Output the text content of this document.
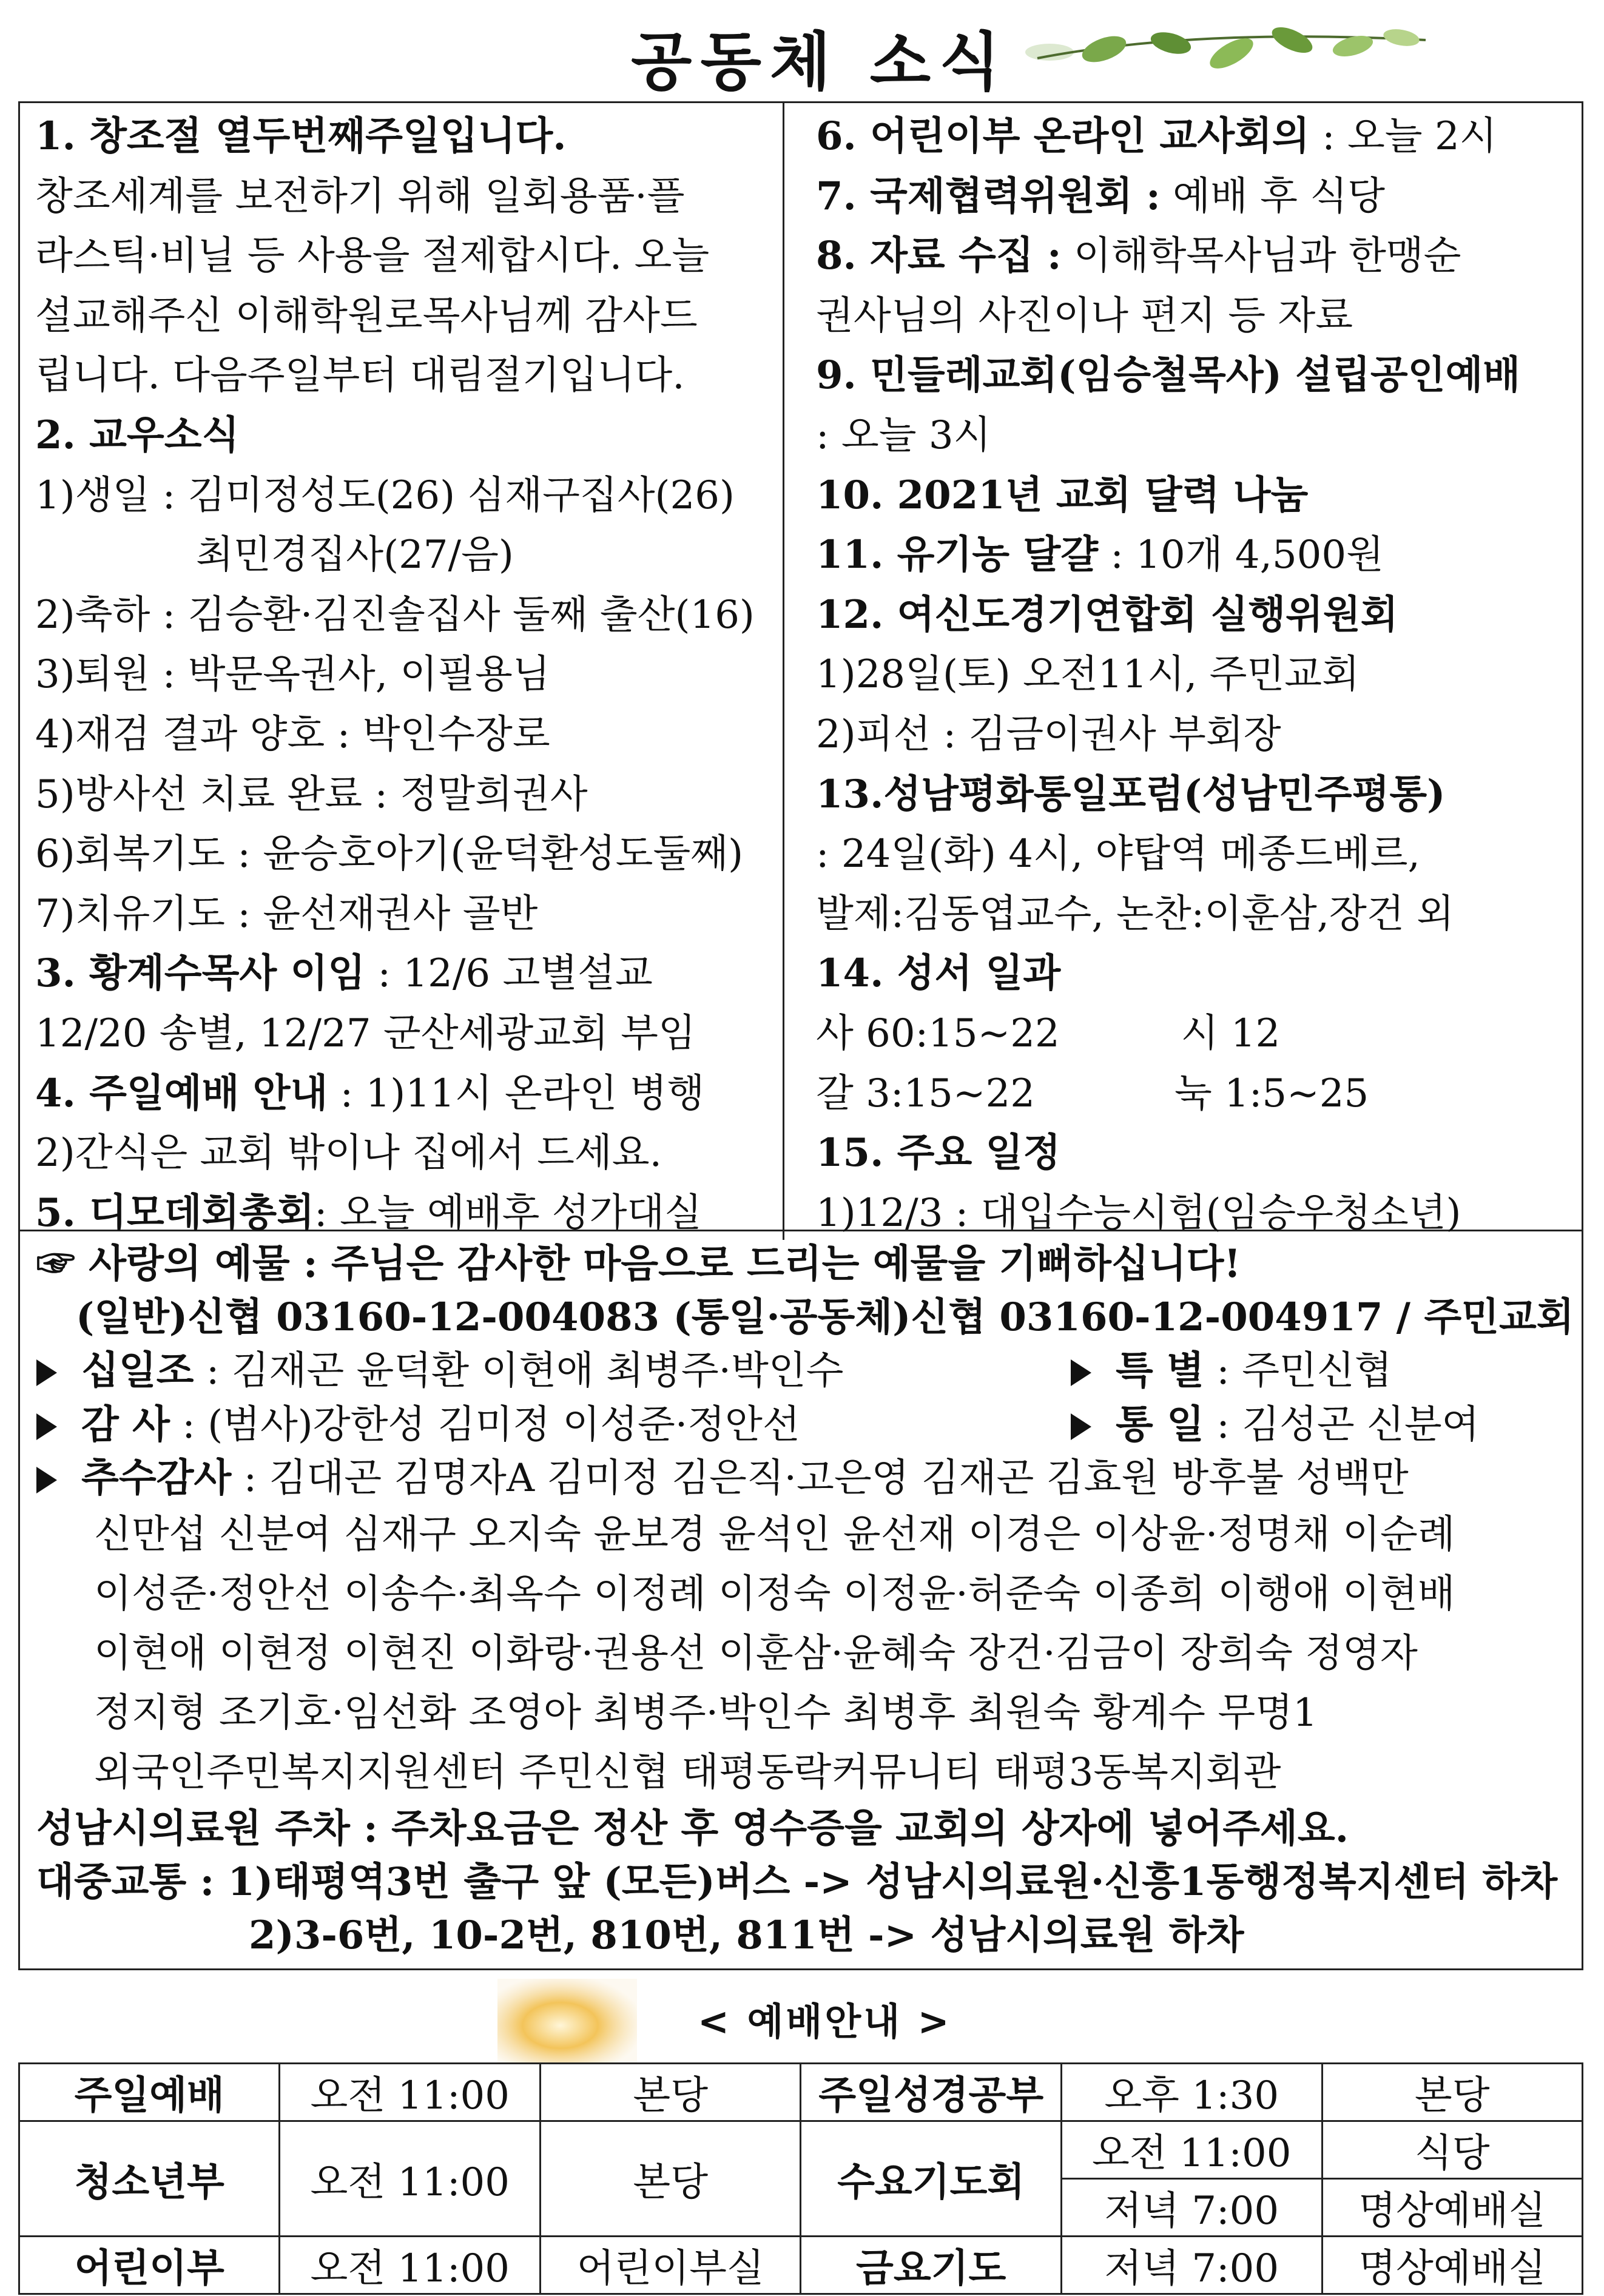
공동체 소식
1. 창조절 열두번째주일입니다.
창조세계를 보전하기 위해 일회용품·플
라스틱·비닐 등 사용을 절제합시다. 오늘
설교해주신 이해학원로목사님께 감사드
립니다. 다음주일부터 대림절기입니다.
2. 교우소식
1)생일 : 김미정성도(26) 심재구집사(26)
최민경집사(27/음)
2)축하 : 김승환·김진솔집사 둘째 출산(16)
3)퇴원 : 박문옥권사, 이필용님
4)재검 결과 양호 : 박인수장로
5)방사선 치료 완료 : 정말희권사
6)회복기도 : 윤승호아기(윤덕환성도둘째)
7)치유기도 : 윤선재권사 골반
3. 황계수목사 이임 : 12/6 고별설교
12/20 송별, 12/27 군산세광교회 부임
4. 주일예배 안내 : 1)11시 온라인 병행
2)간식은 교회 밖이나 집에서 드세요.
5. 디모데회총회: 오늘 예배후 성가대실
6. 어린이부 온라인 교사회의 : 오늘 2시
7. 국제협력위원회 : 예배 후 식당
8. 자료 수집 : 이해학목사님과 한맹순
권사님의 사진이나 편지 등 자료
9. 민들레교회(임승철목사) 설립공인예배
: 오늘 3시
10. 2021년 교회 달력 나눔
11. 유기농 달걀 : 10개 4,500원
12. 여신도경기연합회 실행위원회
1)28일(토) 오전11시, 주민교회
2)피선 : 김금이권사 부회장
13.성남평화통일포럼(성남민주평통)
: 24일(화) 4시, 야탑역 메종드베르,
발제:김동엽교수, 논찬:이훈삼,장건 외
14. 성서 일과
사 60:15~22	시 12
갈 3:15~22	눅 1:5~25
15. 주요 일정
1)12/3 : 대입수능시험(임승우청소년)
☞ 사랑의 예물 : 주님은 감사한 마음으로 드리는 예물을 기뻐하십니다!
(일반)신협 03160-12-004083 (통일·공동체)신협 03160-12-004917 / 주민교회
십일조 : 김재곤 윤덕환 이현애 최병주·박인수	특 별 : 주민신협
감 사 : (범사)강한성 김미정 이성준·정안선	통 일 : 김성곤 신분여
추수감사 : 김대곤 김명자A 김미정 김은직·고은영 김재곤 김효원 방후불 성백만
신만섭 신분여 심재구 오지숙 윤보경 윤석인 윤선재 이경은 이상윤·정명채 이순례
이성준·정안선 이송수·최옥수 이정례 이정숙 이정윤·허준숙 이종희 이행애 이현배
이현애 이현정 이현진 이화랑·권용선 이훈삼·윤혜숙 장건·김금이 장희숙 정영자
정지형 조기호·임선화 조영아 최병주·박인수 최병후 최원숙 황계수 무명1
외국인주민복지지원센터 주민신협 태평동락커뮤니티 태평3동복지회관
성남시의료원 주차 : 주차요금은 정산 후 영수증을 교회의 상자에 넣어주세요.
대중교통 : 1)태평역3번 출구 앞 (모든)버스 -> 성남시의료원·신흥1동행정복지센터 하차
2)3-6번, 10-2번, 810번, 811번 -> 성남시의료원 하차
< 예배안내 >
주일예배	오전 11:00	본당	주일성경공부	오후 1:30	본당
청소년부	오전 11:00	본당	수요기도회	오전 11:00	식당
				저녁 7:00	명상예배실
어린이부	오전 11:00	어린이부실	금요기도	저녁 7:00	명상예배실
